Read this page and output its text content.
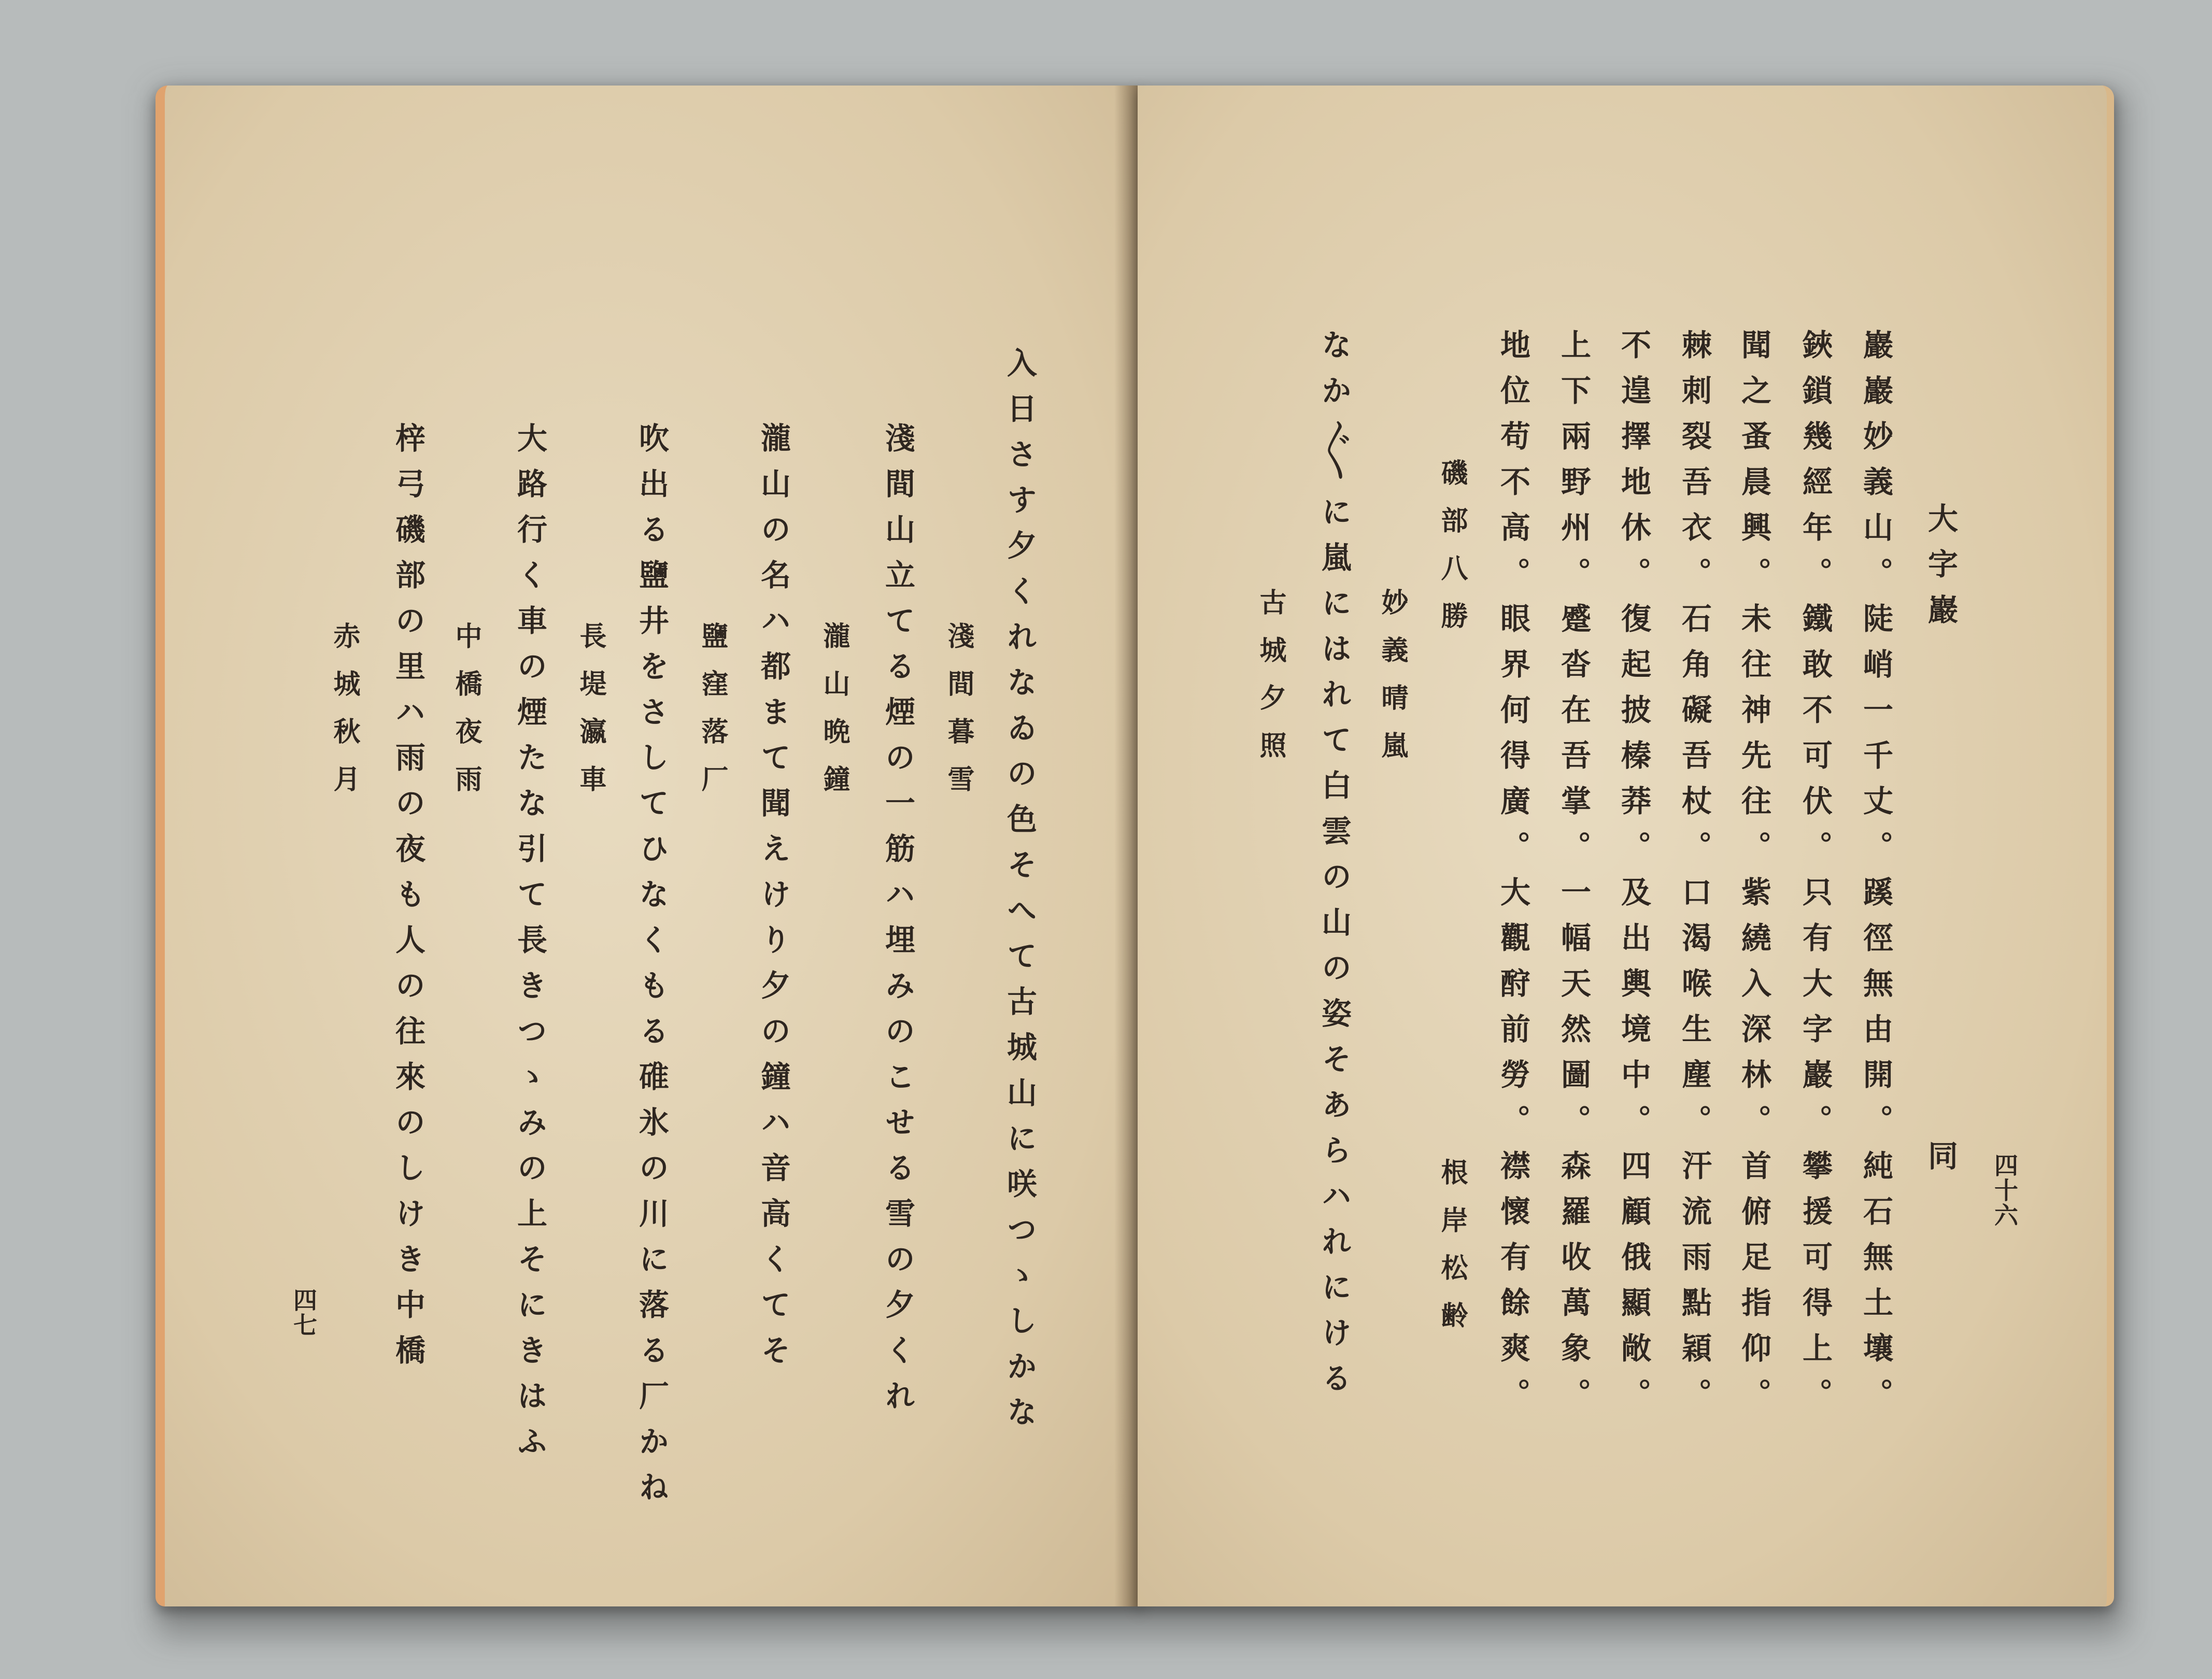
入日さす夕くれなゐの色そへて古城山に咲つゝしかな
淺間暮雪
淺間山立てる煙の一筋ハ埋みのこせる雪の夕くれ
瀧山晩鐘
瀧山の名ハ都まて聞えけり夕の鐘ハ音高くてそ
鹽窪落厂
吹出る鹽井をさしてひなくもる碓氷の川に落る厂かね
長堤瀛車
大路行く車の煙たな引て長きつゝみの上そにきはふ
中橋夜雨
梓弓磯部の里ハ雨の夜も人の往來のしけき中橋
赤城秋月
四七
四十六
大字巖
同
巖巖妙義山。陡峭一千丈。蹊徑無由開。純石無土壤。
鋏鎖幾經年。鐵敢不可伏。只有大字巖。攀援可得上。
聞之蚤晨興。未往神先往。紫繞入深林。首俯足指仰。
棘刺裂吾衣。石角礙吾杖。口渴喉生塵。汗流雨點穎。
不遑擇地休。復起披榛莽。及出輿境中。四顧俄顯敞。
上下兩野州。蹙沓在吾掌。一幅天然圖。森羅收萬象。
地位苟不高。眼界何得廣。大觀酧前勞。襟懷有餘爽。
磯部八勝
根岸松齢
妙義晴嵐
なか〲に嵐にはれて白雲の山の姿そあらハれにける
古城夕照
